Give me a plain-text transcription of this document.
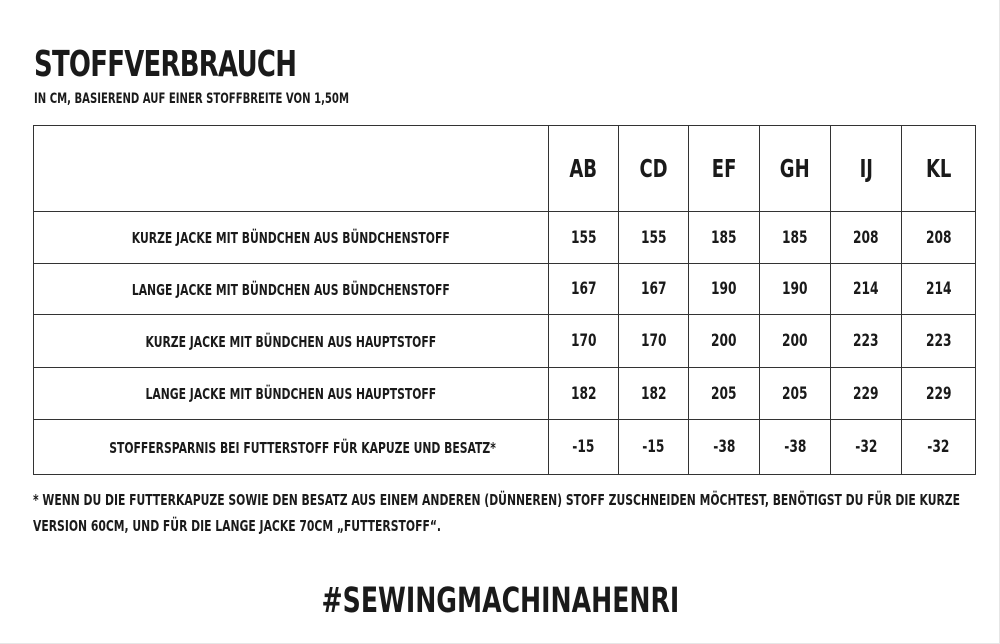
STOFFVERBRAUCH

IN CM, BASIEREND AUF EINER STOFFBREITE VON 1,50M

	AB	CD	EF	GH	IJ	KL
KURZE JACKE MIT BÜNDCHEN AUS BÜNDCHENSTOFF	155	155	185	185	208	208
LANGE JACKE MIT BÜNDCHEN AUS BÜNDCHENSTOFF	167	167	190	190	214	214
KURZE JACKE MIT BÜNDCHEN AUS HAUPTSTOFF	170	170	200	200	223	223
LANGE JACKE MIT BÜNDCHEN AUS HAUPTSTOFF	182	182	205	205	229	229
STOFFERSPARNIS BEI FUTTERSTOFF FÜR KAPUZE UND BESATZ*	-15	-15	-38	-38	-32	-32

* WENN DU DIE FUTTERKAPUZE SOWIE DEN BESATZ AUS EINEM ANDEREN (DÜNNEREN) STOFF ZUSCHNEIDEN MÖCHTEST, BENÖTIGST DU FÜR DIE KURZE VERSION 60CM, UND FÜR DIE LANGE JACKE 70CM „FUTTERSTOFF“.

#SEWINGMACHINAHENRI
